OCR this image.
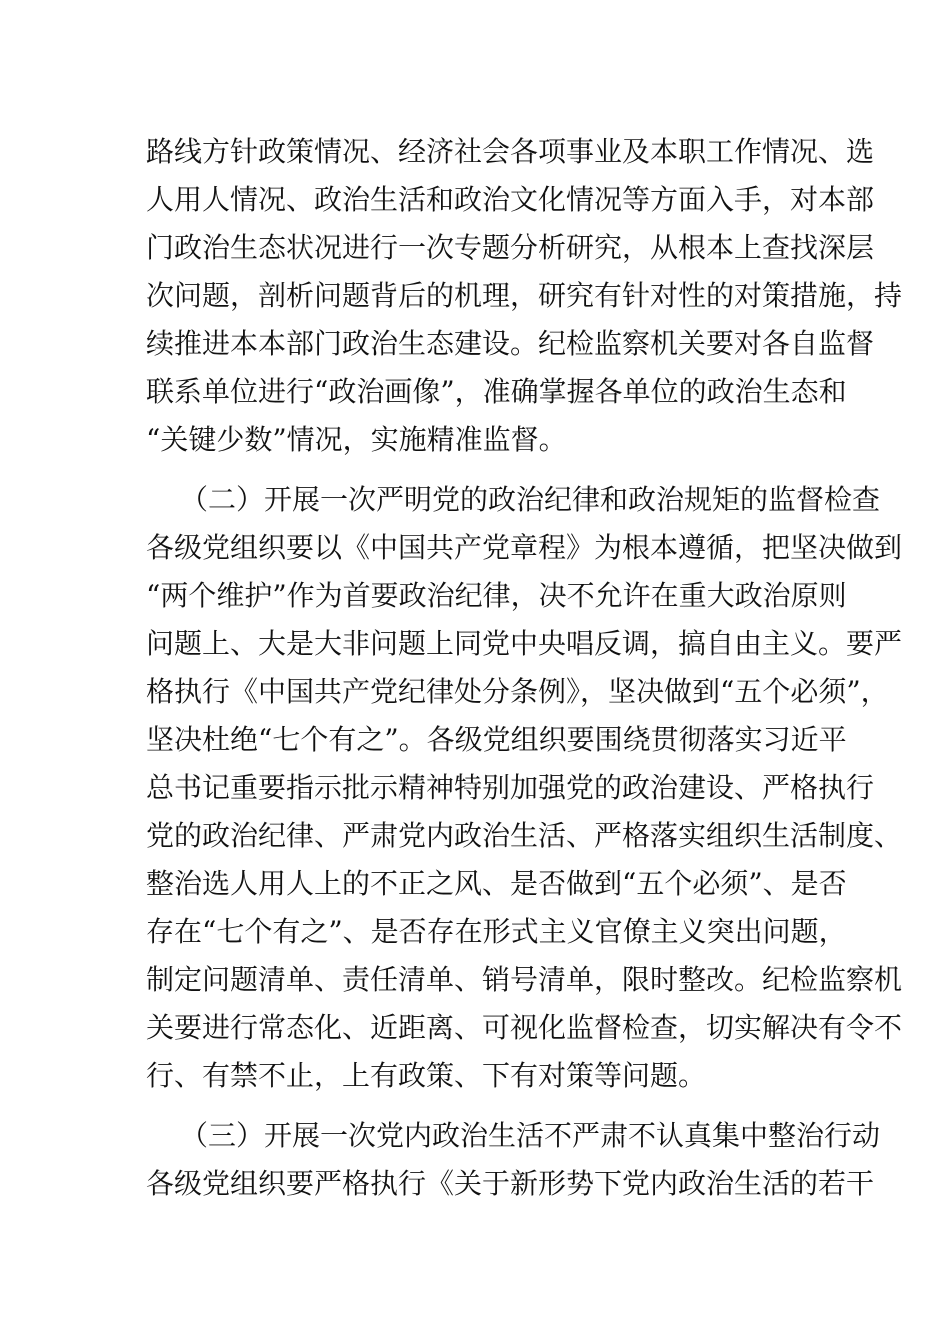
路线方针政策情况、经济社会各项事业及本职工作情况、选
人用人情况、政治生活和政治文化情况等方面入手，对本部
门政治生态状况进行一次专题分析研究，从根本上查找深层
次问题，剖析问题背后的机理，研究有针对性的对策措施，持
续推进本本部门政治生态建设。纪检监察机关要对各自监督
联系单位进行“政治画像”，准确掌握各单位的政治生态和
“关键少数”情况，实施精准监督。
（二）开展一次严明党的政治纪律和政治规矩的监督检查
各级党组织要以《中国共产党章程》为根本遵循，把坚决做到
“两个维护”作为首要政治纪律，决不允许在重大政治原则
问题上、大是大非问题上同党中央唱反调，搞自由主义。要严
格执行《中国共产党纪律处分条例》，坚决做到“五个必须”，
坚决杜绝“七个有之”。各级党组织要围绕贯彻落实习近平
总书记重要指示批示精神特别加强党的政治建设、严格执行
党的政治纪律、严肃党内政治生活、严格落实组织生活制度、
整治选人用人上的不正之风、是否做到“五个必须”、是否
存在“七个有之”、是否存在形式主义官僚主义突出问题，
制定问题清单、责任清单、销号清单，限时整改。纪检监察机
关要进行常态化、近距离、可视化监督检查，切实解决有令不
行、有禁不止，上有政策、下有对策等问题。
（三）开展一次党内政治生活不严肃不认真集中整治行动
各级党组织要严格执行《关于新形势下党内政治生活的若干
